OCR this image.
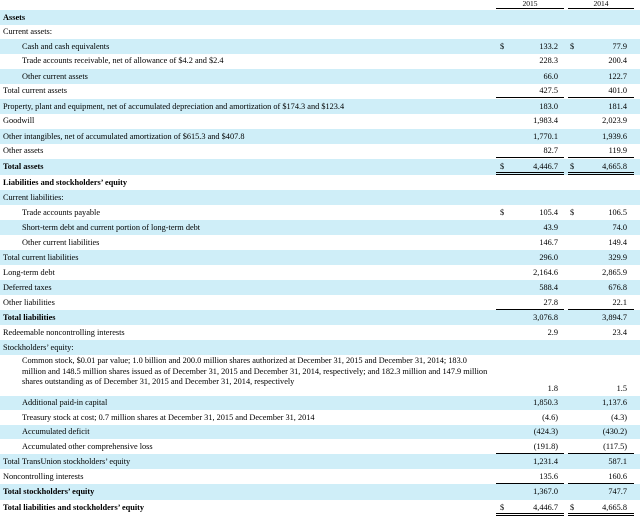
2015	2014
Assets
Current assets:
Cash and cash equivalents	$	133.2 $	77.9
Trade accounts receivable, net of allowance of $4.2 and $2.4	228.3	200.4
Other current assets	66.0	122.7
Total current assets	427.5	401.0
Property, plant and equipment, net of accumulated depreciation and amortization of $174.3 and $123.4	183.0	181.4
Goodwill	1,983.4	2,023.9
Other intangibles, net of accumulated amortization of $615.3 and $407.8	1,770.1	1,939.6
Other assets	82.7	119.9
Total assets	$	4,446.7 $	4,665.8
Liabilities and stockholders’ equity
Current liabilities:
Trade accounts payable	$	105.4 $	106.5
Short-term debt and current portion of long-term debt	43.9	74.0
Other current liabilities	146.7	149.4
Total current liabilities	296.0	329.9
Long-term debt	2,164.6	2,865.9
Deferred taxes	588.4	676.8
Other liabilities	27.8	22.1
Total liabilities	3,076.8	3,894.7
Redeemable noncontrolling interests	2.9	23.4
Stockholders’ equity:
Common stock, $0.01 par value; 1.0 billion and 200.0 million shares authorized at December 31, 2015 and December 31, 2014; 183.0 million and 148.5 million shares issued as of December 31, 2015 and December 31, 2014, respectively; and 182.3 million and 147.9 million shares outstanding as of December 31, 2015 and December 31, 2014, respectively
1.8	1.5
Additional paid-in capital	1,850.3	1,137.6
Treasury stock at cost; 0.7 million shares at December 31, 2015 and December 31, 2014	(4.6)	(4.3)
Accumulated deficit	(424.3)	(430.2)
Accumulated other comprehensive loss	(191.8)	(117.5)
Total TransUnion stockholders’ equity	1,231.4	587.1
Noncontrolling interests	135.6	160.6
Total stockholders’ equity	1,367.0	747.7
Total liabilities and stockholders’ equity	$	4,446.7 $	4,665.8
